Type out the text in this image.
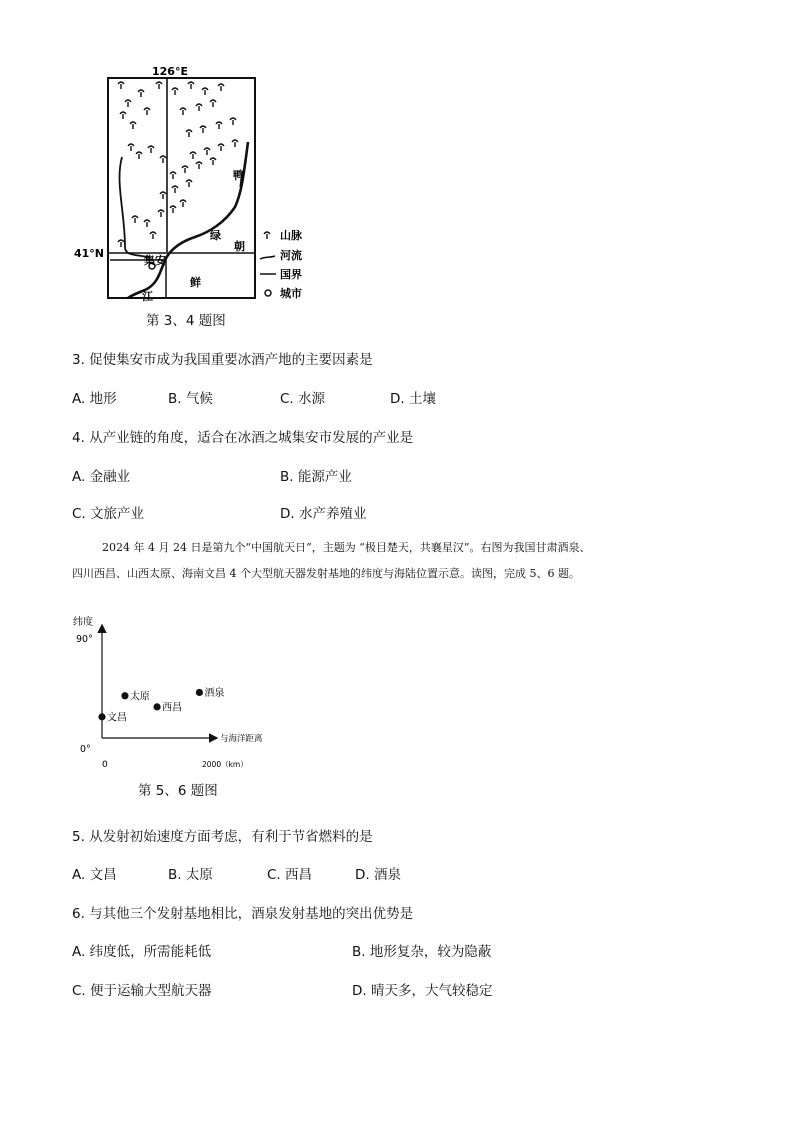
126°E
41°N
集安
鸭
绿
江
朝
鲜
山脉
河流
国界
城市
第 3、4 题图
3. 促使集安市成为我国重要冰酒产地的主要因素是
A. 地形	B. 气候	C. 水源	D. 土壤
4. 从产业链的角度，适合在冰酒之城集安市发展的产业是
A. 金融业	B. 能源产业
C. 文旅产业	D. 水产养殖业
2024 年 4 月 24 日是第九个“中国航天日”，主题为 “极目楚天，共襄星汉”。右图为我国甘肃酒泉、
四川西昌、山西太原、海南文昌 4 个大型航天器发射基地的纬度与海陆位置示意。读图，完成 5、6 题。
纬度
与海洋距离
90°
0°
0	2000（km）
文昌
太原
西昌
酒泉
第 5、6 题图
5. 从发射初始速度方面考虑，有利于节省燃料的是
A. 文昌	B. 太原	C. 西昌	D. 酒泉
6. 与其他三个发射基地相比，酒泉发射基地的突出优势是
A. 纬度低，所需能耗低	B. 地形复杂，较为隐蔽
C. 便于运输大型航天器	D. 晴天多，大气较稳定
